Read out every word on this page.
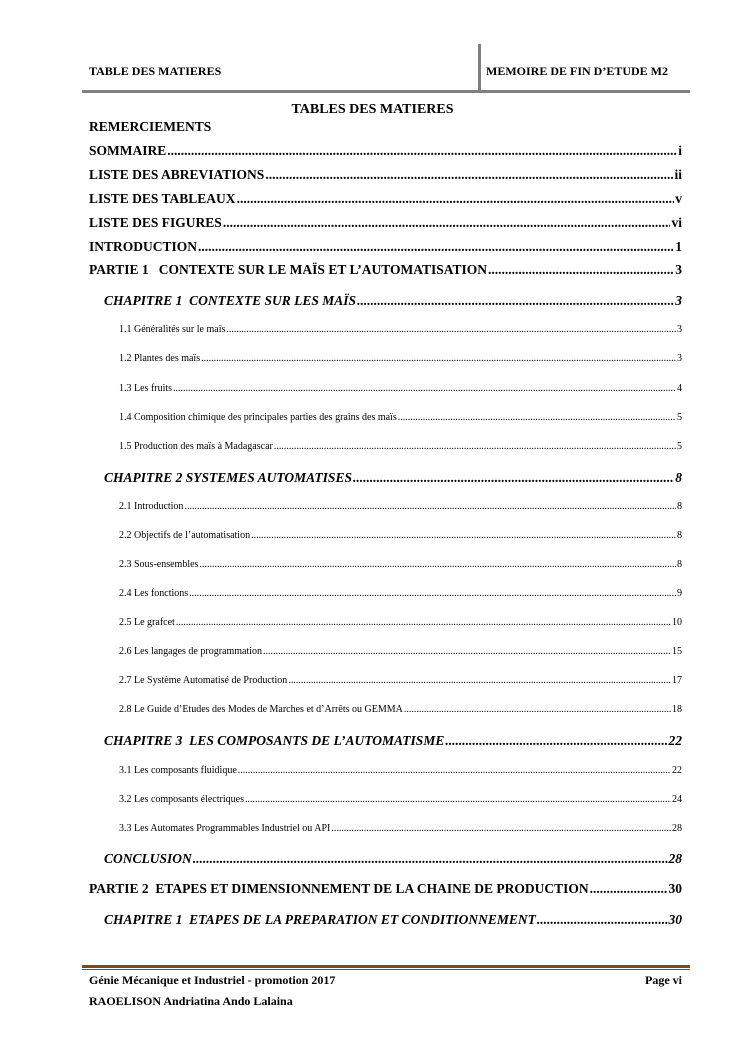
TABLE DES MATIERES	MEMOIRE DE FIN D’ETUDE M2
TABLES DES MATIERES
REMERCIEMENTS
SOMMAIRE .....	i
LISTE DES ABREVIATIONS .....	ii
LISTE DES TABLEAUX .....	v
LISTE DES FIGURES .....	vi
INTRODUCTION .....	1
PARTIE 1   CONTEXTE SUR LE MAÏS ET L’AUTOMATISATION .....	3
CHAPITRE 1  CONTEXTE SUR LES MAÏS .....	3
1.1 Généralités sur le maïs .....	3
1.2 Plantes des maïs .....	3
1.3 Les fruits .....	4
1.4 Composition chimique des principales parties des grains des maïs .....	5
1.5 Production des maïs à Madagascar .....	5
CHAPITRE 2 SYSTEMES AUTOMATISES .....	8
2.1 Introduction .....	8
2.2 Objectifs de l’automatisation .....	8
2.3 Sous-ensembles .....	8
2.4 Les fonctions .....	9
2.5 Le grafcet .....	10
2.6 Les langages de programmation .....	15
2.7 Le Système Automatisé de Production .....	17
2.8 Le Guide d’Etudes des Modes de Marches et d’Arrêts ou GEMMA .....	18
CHAPITRE 3  LES COMPOSANTS DE L’AUTOMATISME .....	22
3.1 Les composants fluidique .....	22
3.2 Les composants électriques .....	24
3.3 Les Automates Programmables Industriel ou API .....	28
CONCLUSION .....	28
PARTIE 2  ETAPES ET DIMENSIONNEMENT DE LA CHAINE DE PRODUCTION .....	30
CHAPITRE 1  ETAPES DE LA PREPARATION ET CONDITIONNEMENT .....	30
Génie Mécanique et Industriel - promotion 2017	Page vi
RAOELISON Andriatina Ando Lalaina
